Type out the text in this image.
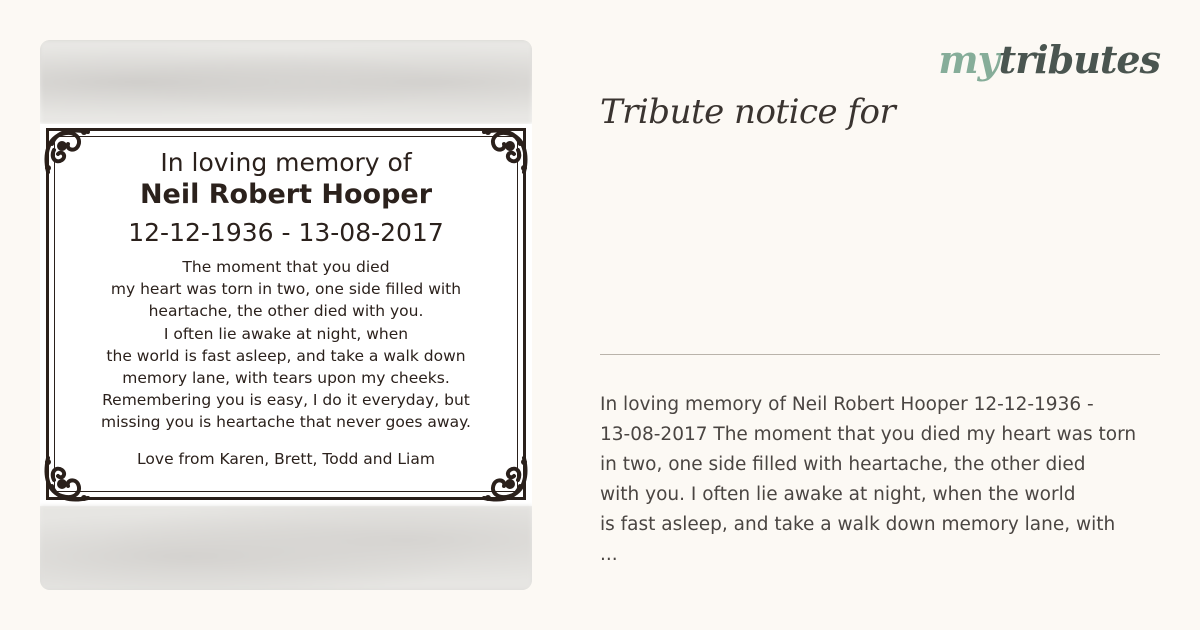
In loving memory of
Neil Robert Hooper
12-12-1936 - 13-08-2017
The moment that you died
my heart was torn in two, one side filled with
heartache, the other died with you.
I often lie awake at night, when
the world is fast asleep, and take a walk down
memory lane, with tears upon my cheeks.
Remembering you is easy, I do it everyday, but
missing you is heartache that never goes away.
Love from Karen, Brett, Todd and Liam
mytributes
Tribute notice for
In loving memory of Neil Robert Hooper 12-12-1936 -
13-08-2017 The moment that you died my heart was torn
in two, one side filled with heartache, the other died
with you. I often lie awake at night, when the world
is fast asleep, and take a walk down memory lane, with
...
